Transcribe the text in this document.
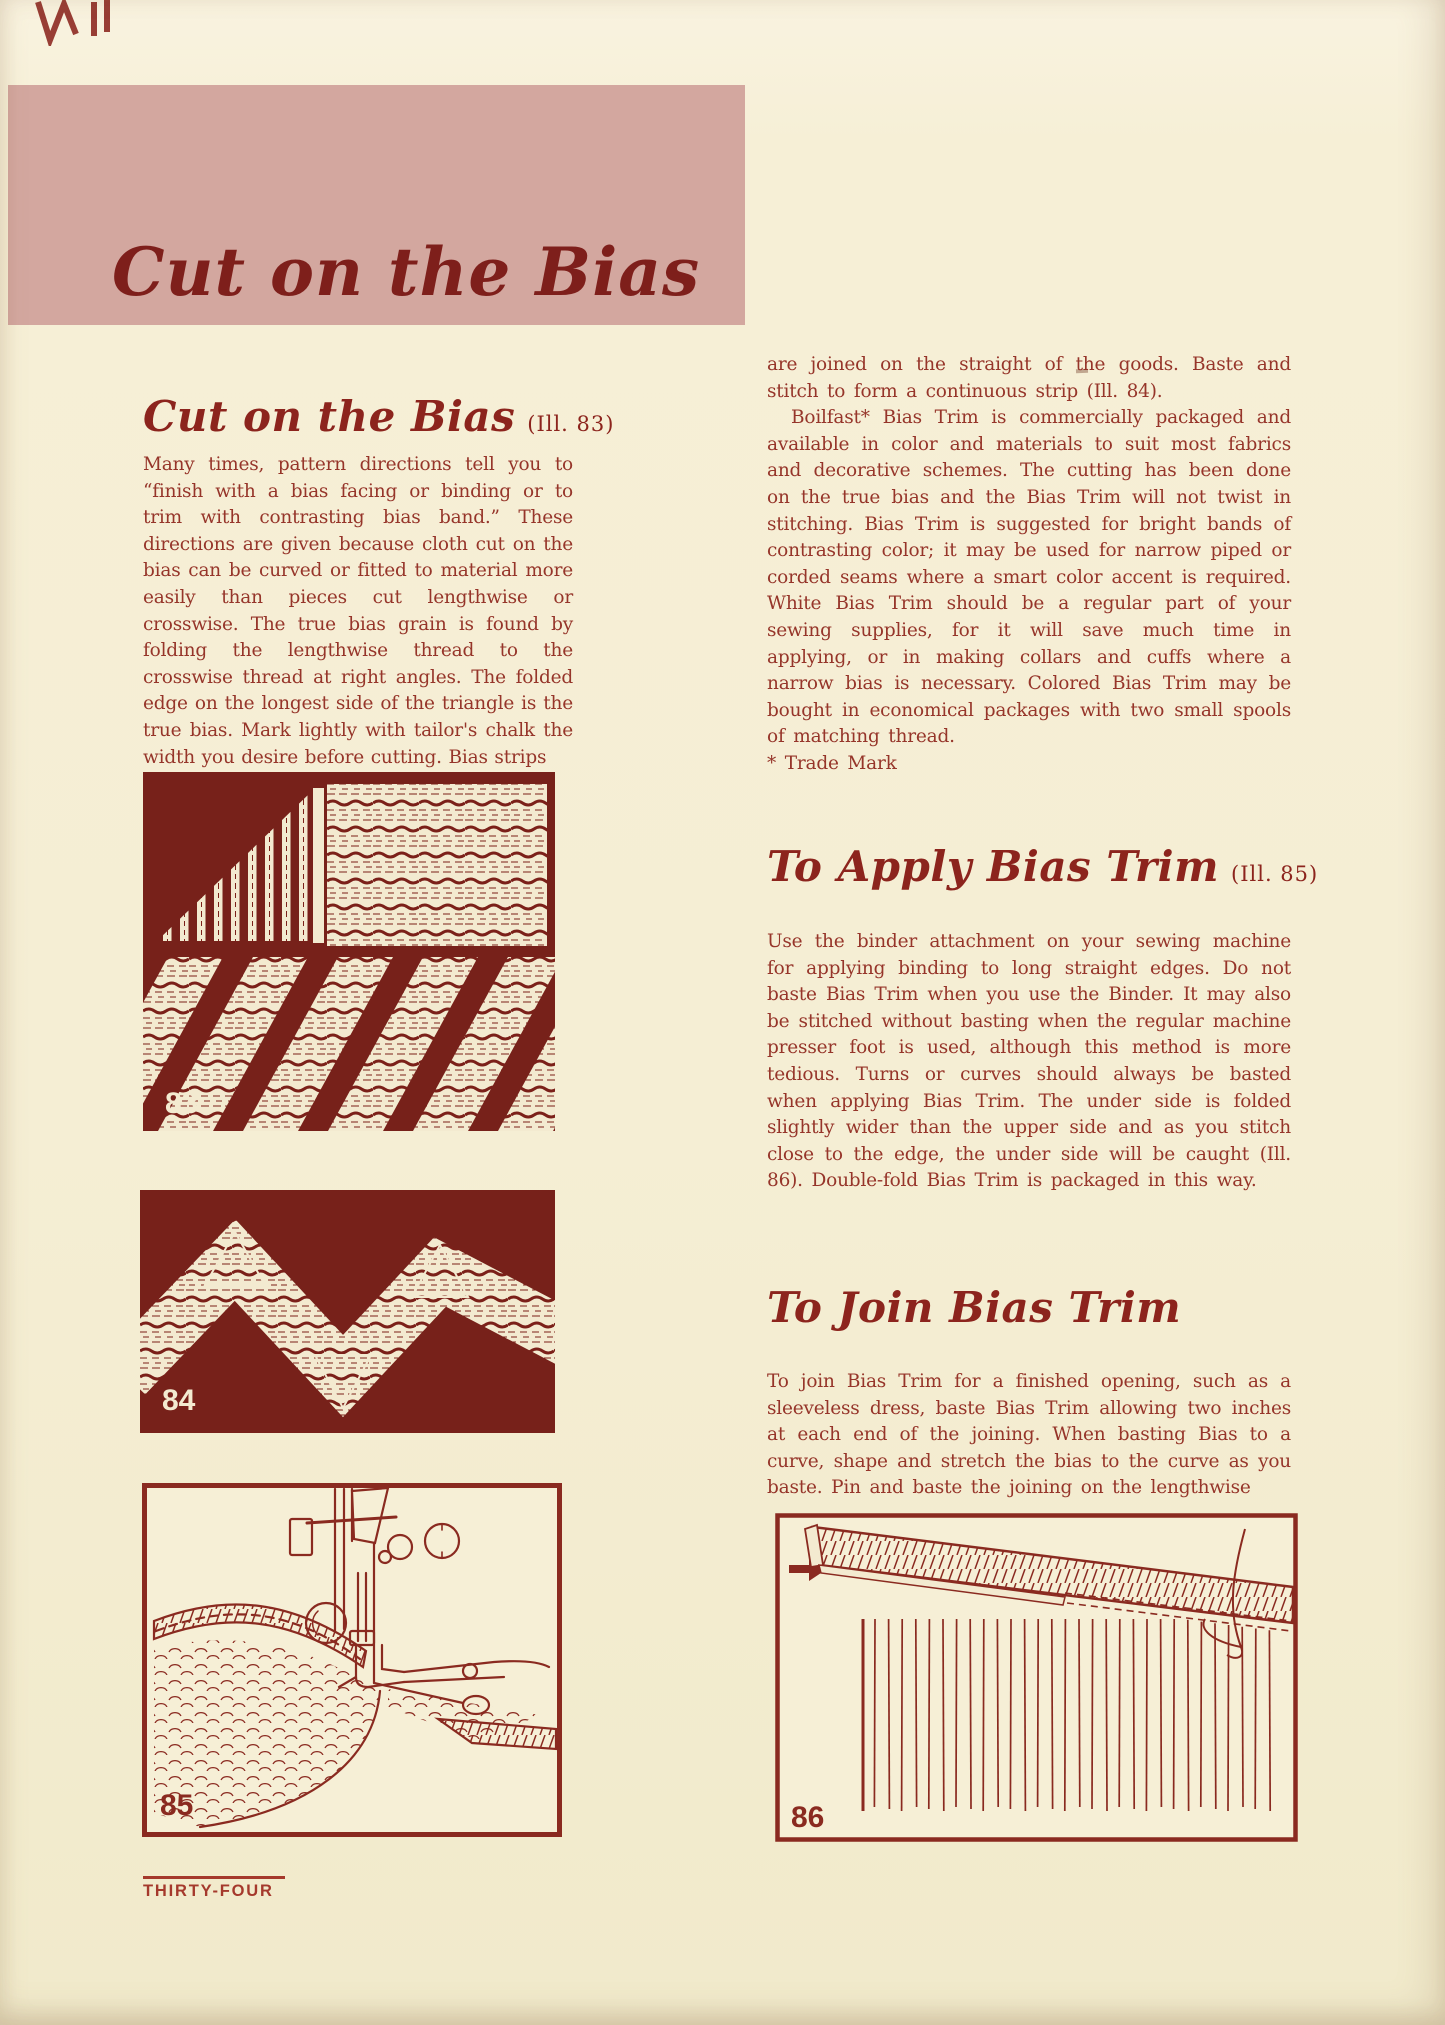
Cut on the Bias
Cut on the Bias (Ill. 83)

Many times, pattern directions tell you to “finish with a bias facing or binding or to trim with contrasting bias band.” These directions are given because cloth cut on the bias can be curved or fitted to material more easily than pieces cut lengthwise or crosswise. The true bias grain is found by folding the lengthwise thread to the crosswise thread at right angles. The folded edge on the longest side of the triangle is the true bias. Mark lightly with tailor's chalk the width you desire before cutting. Bias strips

83
84
85
THIRTY-FOUR

are joined on the straight of the goods. Baste and stitch to form a continuous strip (Ill. 84).

Boilfast* Bias Trim is commercially packaged and available in color and materials to suit most fabrics and decorative schemes. The cutting has been done on the true bias and the Bias Trim will not twist in stitching. Bias Trim is suggested for bright bands of contrasting color; it may be used for narrow piped or corded seams where a smart color accent is required. White Bias Trim should be a regular part of your sewing supplies, for it will save much time in applying, or in making collars and cuffs where a narrow bias is necessary. Colored Bias Trim may be bought in economical packages with two small spools of matching thread.

* Trade Mark

To Apply Bias Trim (Ill. 85)

Use the binder attachment on your sewing machine for applying binding to long straight edges. Do not baste Bias Trim when you use the Binder. It may also be stitched without basting when the regular machine presser foot is used, although this method is more tedious. Turns or curves should always be basted when applying Bias Trim. The under side is folded slightly wider than the upper side and as you stitch close to the edge, the under side will be caught (Ill. 86). Double-fold Bias Trim is packaged in this way.

To Join Bias Trim

To join Bias Trim for a finished opening, such as a sleeveless dress, baste Bias Trim allowing two inches at each end of the joining. When basting Bias to a curve, shape and stretch the bias to the curve as you baste. Pin and baste the joining on the lengthwise

86
